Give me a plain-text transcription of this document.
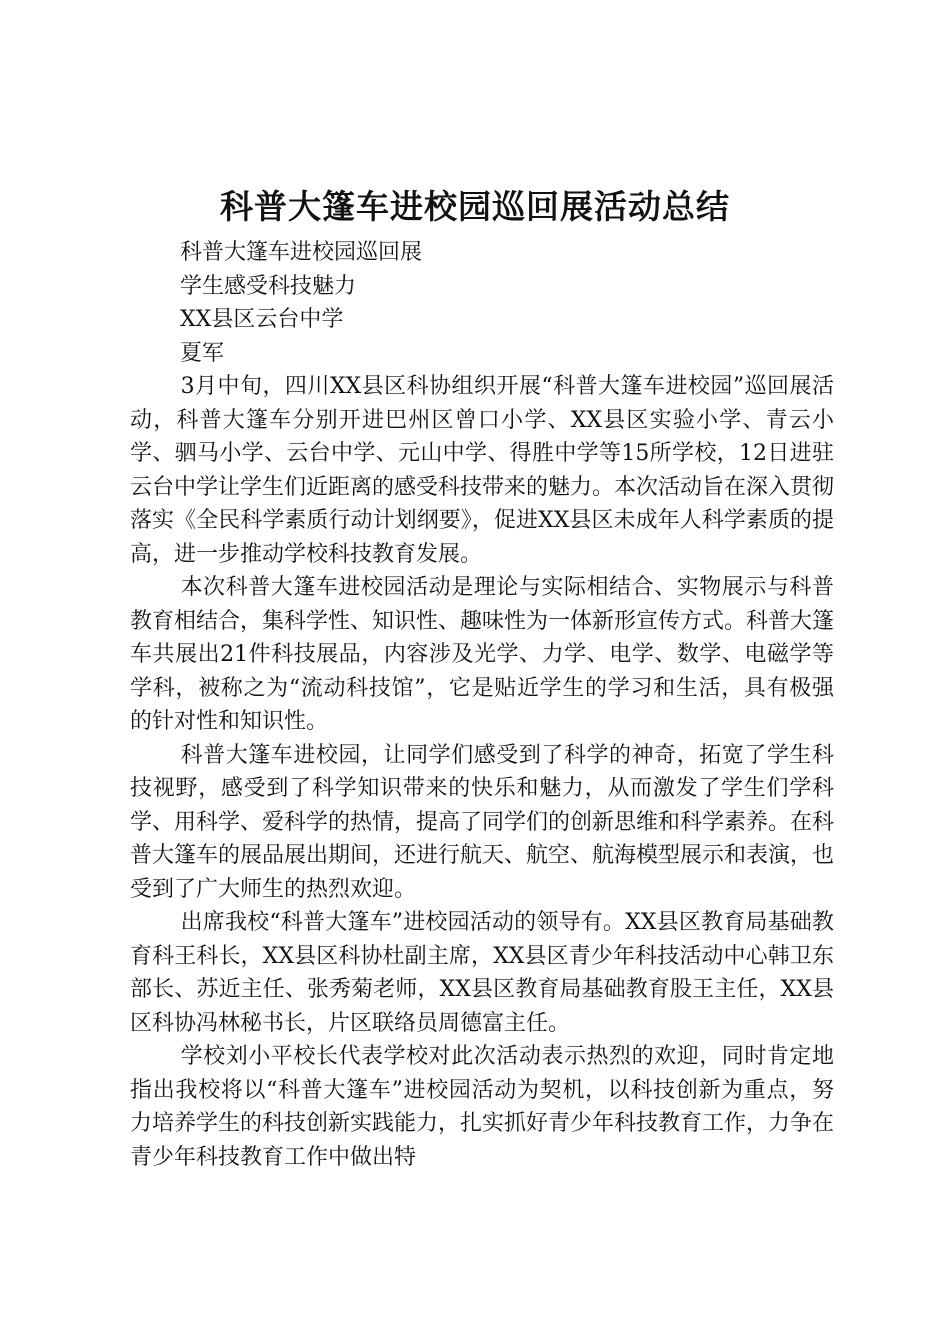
科普大篷车进校园巡回展活动总结

科普大篷车进校园巡回展

学生感受科技魅力

XX县区云台中学

夏军

3月中旬，四川XX县区科协组织开展“科普大篷车进校园”巡回展活动，科普大篷车分别开进巴州区曾口小学、XX县区实验小学、青云小学、驷马小学、云台中学、元山中学、得胜中学等15所学校，12日进驻云台中学让学生们近距离的感受科技带来的魅力。本次活动旨在深入贯彻落实《全民科学素质行动计划纲要》，促进XX县区未成年人科学素质的提高，进一步推动学校科技教育发展。

本次科普大篷车进校园活动是理论与实际相结合、实物展示与科普教育相结合，集科学性、知识性、趣味性为一体新形宣传方式。科普大篷车共展出21件科技展品，内容涉及光学、力学、电学、数学、电磁学等学科，被称之为“流动科技馆”，它是贴近学生的学习和生活，具有极强的针对性和知识性。

科普大篷车进校园，让同学们感受到了科学的神奇，拓宽了学生科技视野，感受到了科学知识带来的快乐和魅力，从而激发了学生们学科学、用科学、爱科学的热情，提高了同学们的创新思维和科学素养。在科普大篷车的展品展出期间，还进行航天、航空、航海模型展示和表演，也受到了广大师生的热烈欢迎。

出席我校“科普大篷车”进校园活动的领导有。XX县区教育局基础教育科王科长，XX县区科协杜副主席，XX县区青少年科技活动中心韩卫东部长、苏近主任、张秀菊老师，XX县区教育局基础教育股王主任，XX县区科协冯林秘书长，片区联络员周德富主任。

学校刘小平校长代表学校对此次活动表示热烈的欢迎，同时肯定地指出我校将以“科普大篷车”进校园活动为契机，以科技创新为重点，努力培养学生的科技创新实践能力，扎实抓好青少年科技教育工作，力争在青少年科技教育工作中做出特
